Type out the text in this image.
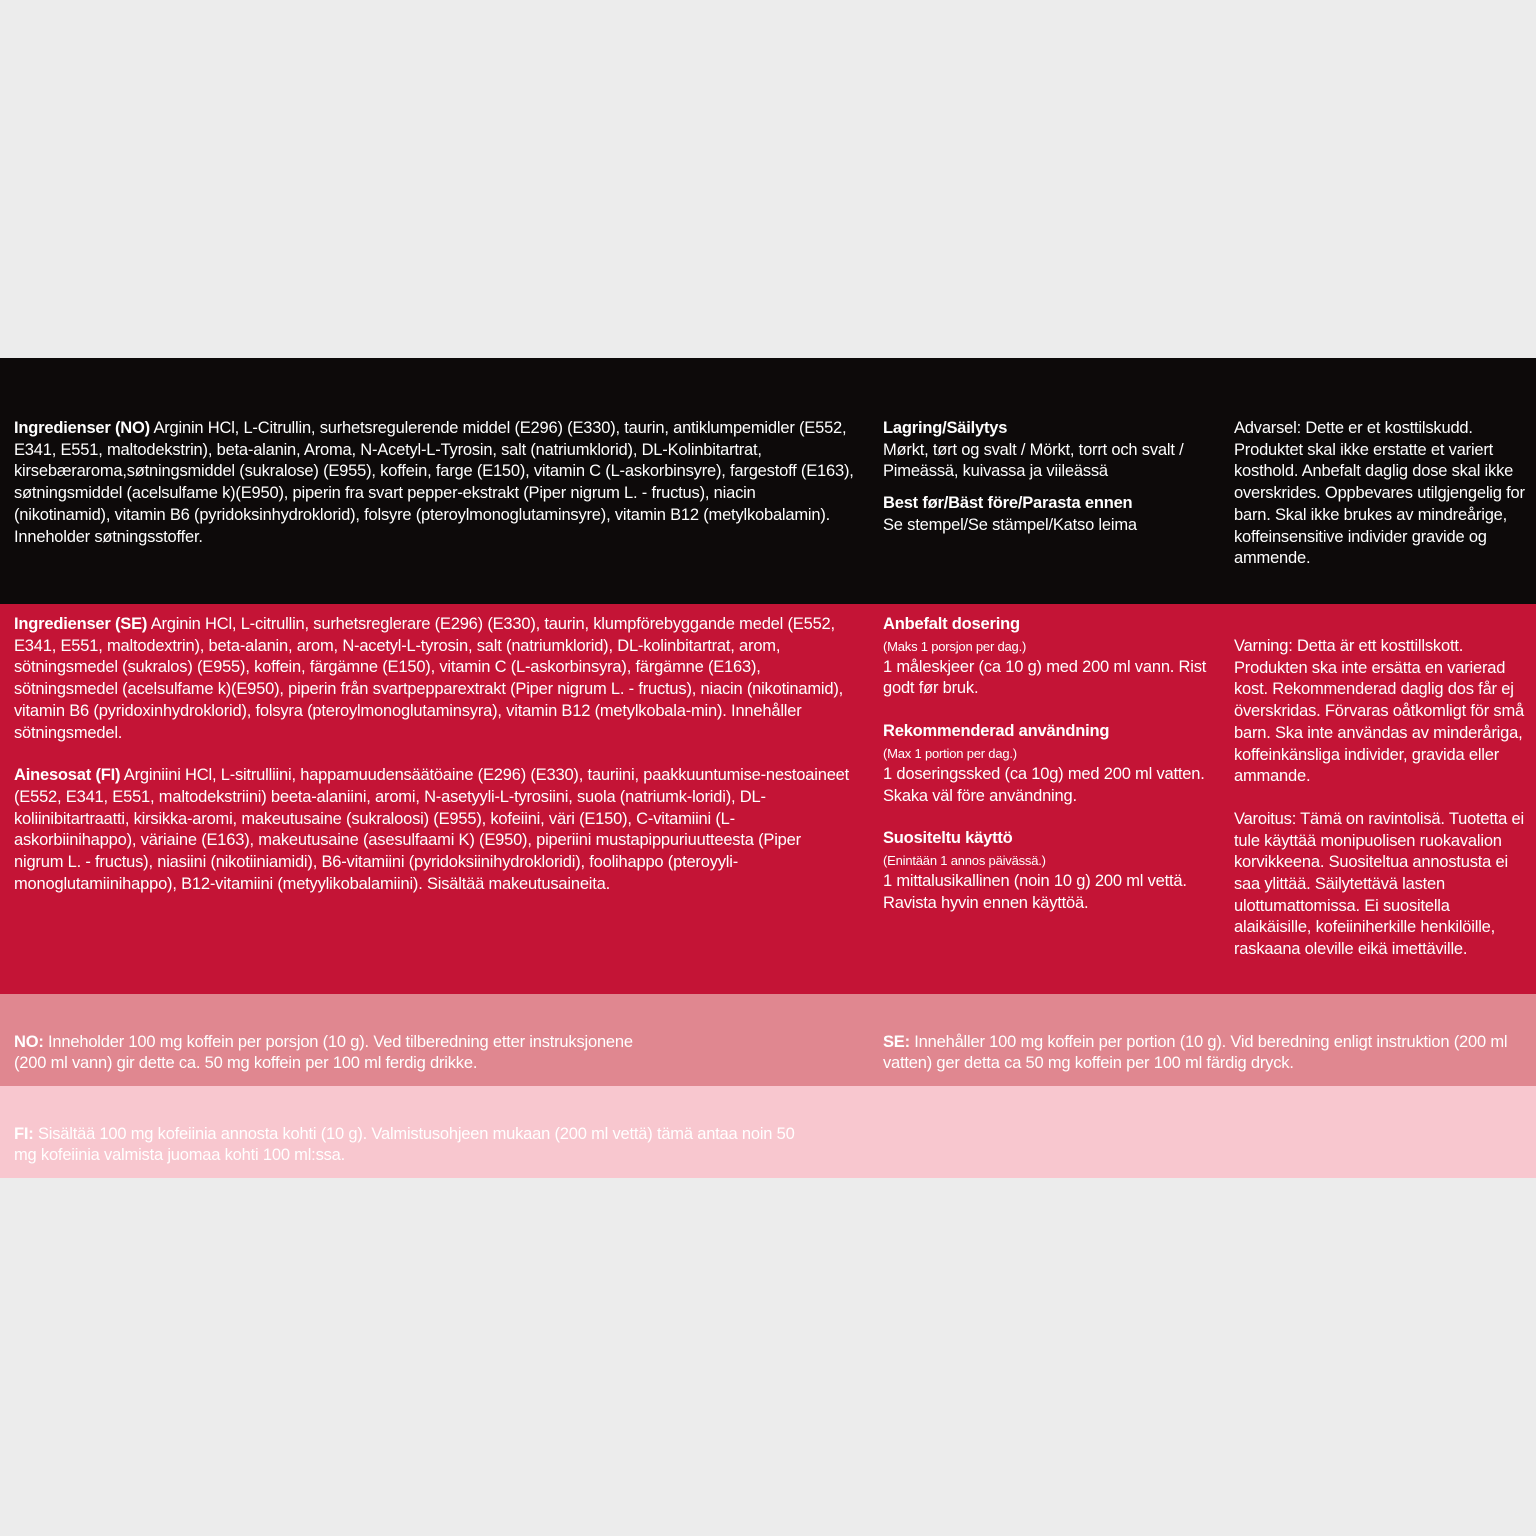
Ingredienser (NO) Arginin HCl, L-Citrullin, surhetsregulerende middel (E296) (E330), taurin, antiklumpemidler (E552, E341, E551, maltodekstrin), beta-alanin, Aroma, N-Acetyl-L-Tyrosin, salt (natriumklorid), DL-Kolinbitartrat, kirsebæraroma,søtningsmiddel (sukralose) (E955), koffein, farge (E150), vitamin C (L-askorbinsyre), fargestoff (E163), søtningsmiddel (acelsulfame k)(E950), piperin fra svart pepper-ekstrakt (Piper nigrum L. - fructus), niacin (nikotinamid), vitamin B6 (pyridoksinhydroklorid), folsyre (pteroylmonoglutaminsyre), vitamin B12 (metylkobalamin). Inneholder søtningsstoffer.

Lagring/Säilytys

Mørkt, tørt og svalt / Mörkt, torrt och svalt / Pimeässä, kuivassa ja viileässä

Best før/Bäst före/Parasta ennen

Se stempel/Se stämpel/Katso leima

Advarsel: Dette er et kosttilskudd. Produktet skal ikke erstatte et variert kosthold. Anbefalt daglig dose skal ikke overskrides. Oppbevares utilgjengelig for barn. Skal ikke brukes av mindreårige, koffeinsensitive individer gravide og ammende.

Ingredienser (SE) Arginin HCl, L-citrullin, surhetsreglerare (E296) (E330), taurin, klumpförebyggande medel (E552, E341, E551, maltodextrin), beta-alanin, arom, N-acetyl-L-tyrosin, salt (natriumklorid), DL-kolinbitartrat, arom, sötningsmedel (sukralos) (E955), koffein, färgämne (E150), vitamin C (L-askorbinsyra), färgämne (E163), sötningsmedel (acelsulfame k)(E950), piperin från svartpepparextrakt (Piper nigrum L. - fructus), niacin (nikotinamid), vitamin B6 (pyridoxinhydroklorid), folsyra (pteroylmonoglutaminsyra), vitamin B12 (metylkobala-min). Innehåller sötningsmedel.

Ainesosat (FI) Arginiini HCl, L-sitrulliini, happamuudensäätöaine (E296) (E330), tauriini, paakkuuntumise-nestoaineet (E552, E341, E551, maltodekstriini) beeta-alaniini, aromi, N-asetyyli-L-tyrosiini, suola (natriumk-loridi), DL-koliinibitartraatti, kirsikka-aromi, makeutusaine (sukraloosi) (E955), kofeiini, väri (E150), C-vitamiini (L-askorbiinihappo), väriaine (E163), makeutusaine (asesulfaami K) (E950), piperiini mustapippuriuutteesta (Piper nigrum L. - fructus), niasiini (nikotiiniamidi), B6-vitamiini (pyridoksiinihydrokloridi), foolihappo (pteroyyli-monoglutamiinihappo), B12-vitamiini (metyylikobalamiini). Sisältää makeutusaineita.

Anbefalt dosering

(Maks 1 porsjon per dag.)

1 måleskjeer (ca 10 g) med 200 ml vann. Rist godt før bruk.

Rekommenderad användning

(Max 1 portion per dag.)

1 doseringssked (ca 10g) med 200 ml vatten. Skaka väl före användning.

Suositeltu käyttö

(Enintään 1 annos päivässä.)

1 mittalusikallinen (noin 10 g) 200 ml vettä. Ravista hyvin ennen käyttöä.

Varning: Detta är ett kosttillskott. Produkten ska inte ersätta en varierad kost. Rekommenderad daglig dos får ej överskridas. Förvaras oåtkomligt för små barn. Ska inte användas av minderåriga, koffeinkänsliga individer, gravida eller ammande.

Varoitus: Tämä on ravintolisä. Tuotetta ei tule käyttää monipuolisen ruokavalion korvikkeena. Suositeltua annostusta ei saa ylittää. Säilytettävä lasten ulottumattomissa. Ei suositella alaikäisille, kofeiiniherkille henkilöille, raskaana oleville eikä imettäville.

NO: Inneholder 100 mg koffein per porsjon (10 g). Ved tilberedning etter instruksjonene (200 ml vann) gir dette ca. 50 mg koffein per 100 ml ferdig drikke.

SE: Innehåller 100 mg koffein per portion (10 g). Vid beredning enligt instruktion (200 ml vatten) ger detta ca 50 mg koffein per 100 ml färdig dryck.

FI: Sisältää 100 mg kofeiinia annosta kohti (10 g). Valmistusohjeen mukaan (200 ml vettä) tämä antaa noin 50 mg kofeiinia valmista juomaa kohti 100 ml:ssa.
